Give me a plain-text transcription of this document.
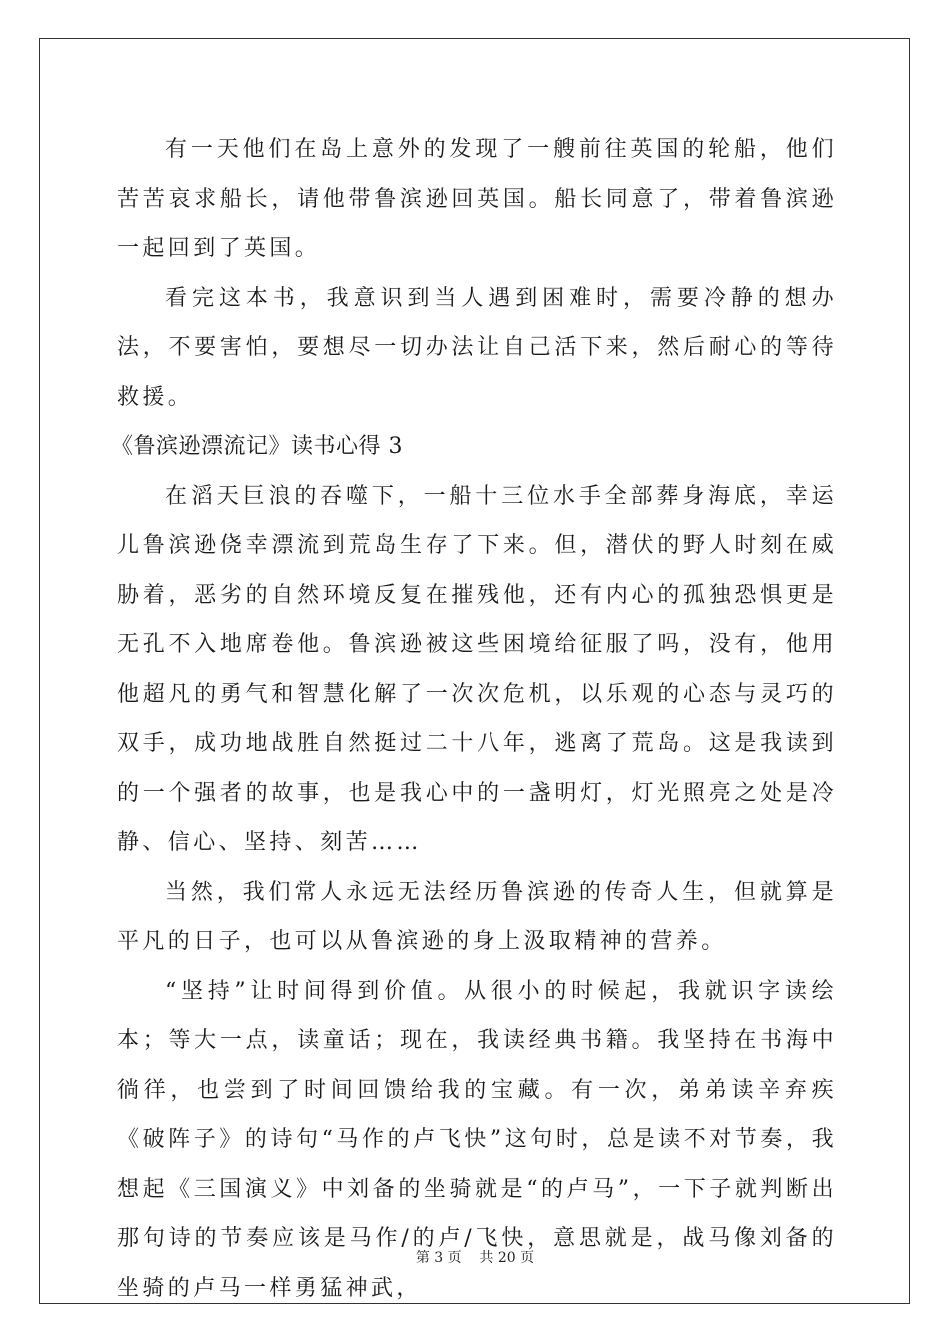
有一天他们在岛上意外的发现了一艘前往英国的轮船，他们苦苦哀求船长，请他带鲁滨逊回英国。船长同意了，带着鲁滨逊一起回到了英国。

看完这本书，我意识到当人遇到困难时，需要冷静的想办法，不要害怕，要想尽一切办法让自己活下来，然后耐心的等待救援。

《鲁滨逊漂流记》读书心得 3

在滔天巨浪的吞噬下，一船十三位水手全部葬身海底，幸运儿鲁滨逊侥幸漂流到荒岛生存了下来。但，潜伏的野人时刻在威胁着，恶劣的自然环境反复在摧残他，还有内心的孤独恐惧更是无孔不入地席卷他。鲁滨逊被这些困境给征服了吗，没有，他用他超凡的勇气和智慧化解了一次次危机，以乐观的心态与灵巧的双手，成功地战胜自然挺过二十八年，逃离了荒岛。这是我读到的一个强者的故事，也是我心中的一盏明灯，灯光照亮之处是冷静、信心、坚持、刻苦……

当然，我们常人永远无法经历鲁滨逊的传奇人生，但就算是平凡的日子，也可以从鲁滨逊的身上汲取精神的营养。

“坚持”让时间得到价值。从很小的时候起，我就识字读绘本；等大一点，读童话；现在，我读经典书籍。我坚持在书海中徜徉，也尝到了时间回馈给我的宝藏。有一次，弟弟读辛弃疾《破阵子》的诗句“马作的卢飞快”这句时，总是读不对节奏，我想起《三国演义》中刘备的坐骑就是“的卢马”，一下子就判断出那句诗的节奏应该是马作/的卢/飞快，意思就是，战马像刘备的坐骑的卢马一样勇猛神武，

第 3 页    共 20 页
